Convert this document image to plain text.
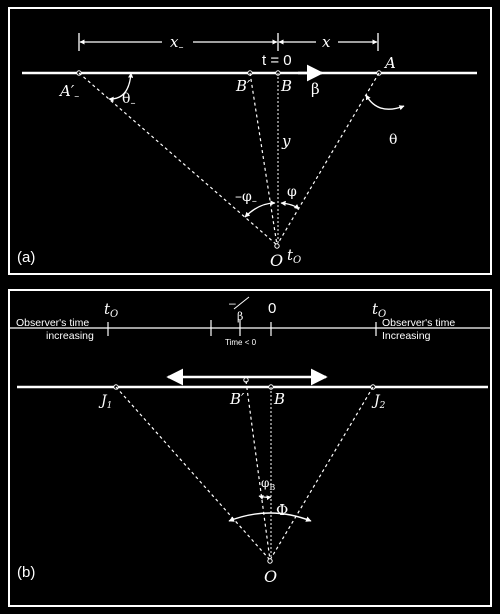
$x_-$	x
t = 0
β
$A'_-$
B′ B
A
y
$\theta_-$
θ
$-\varphi_-$
φ
O $t_O$
(a)
$t_O$	$t_O$
–
β 0
Observer's time
increasing
Observer's time
Increasing
Time < 0
$J_1$	$J_2$
B′ B
$\varphi_B$
Φ
O
(b)
